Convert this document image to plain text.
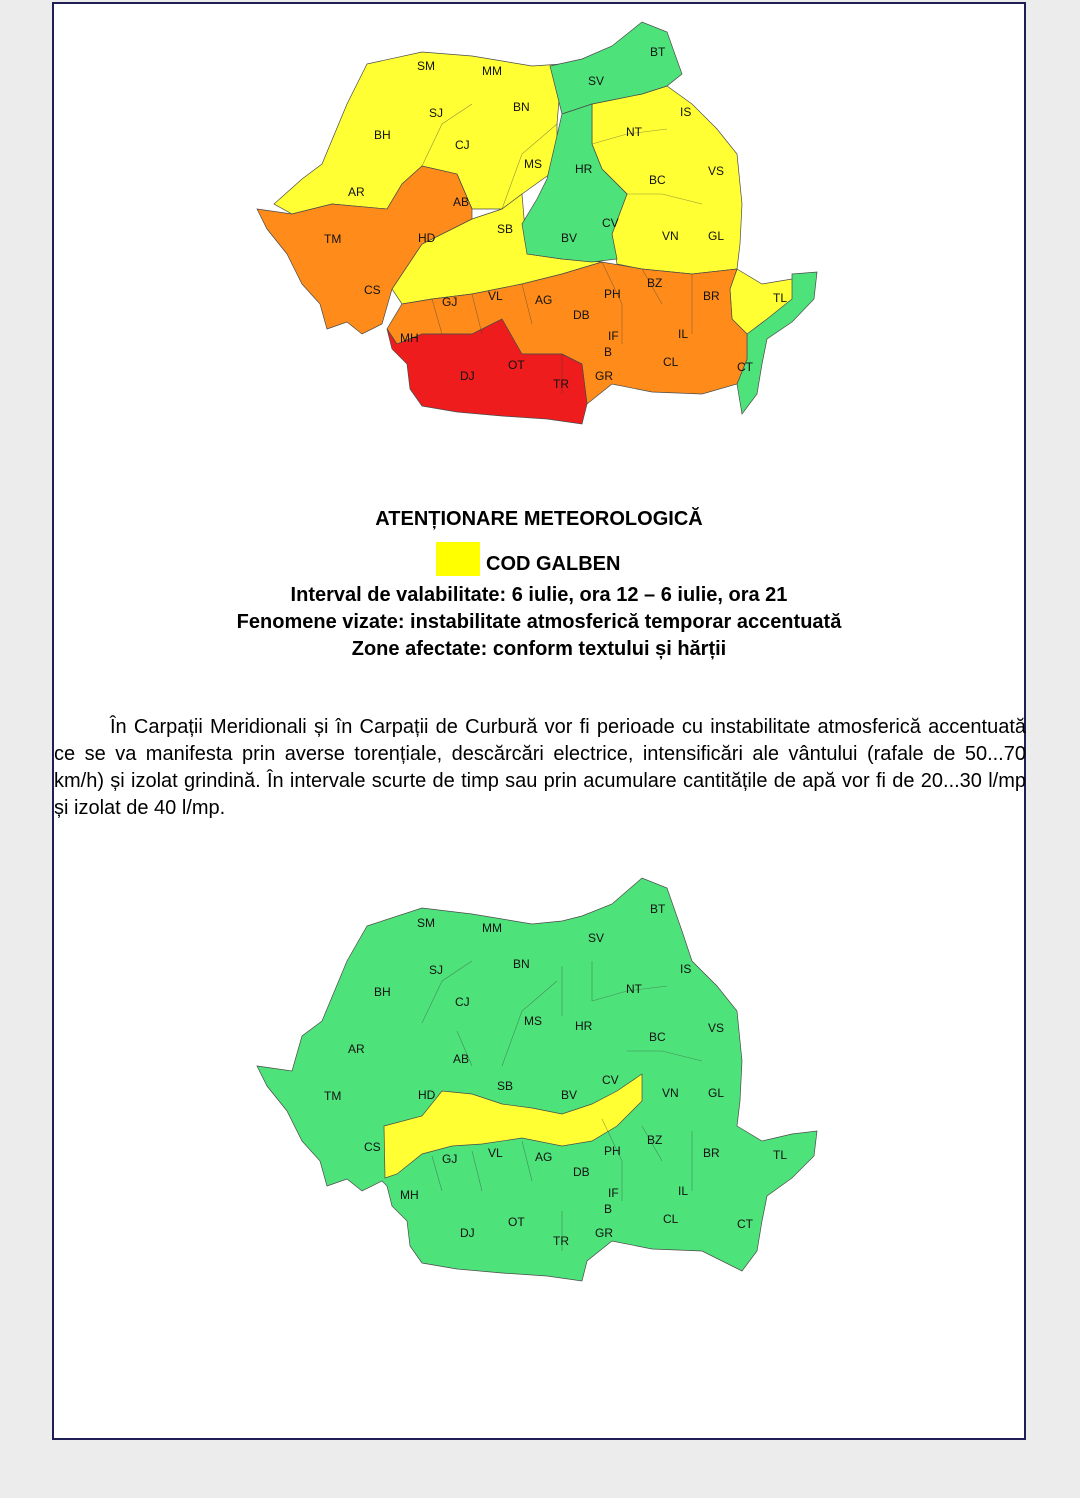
SM	MM
BT
SV
SJ	BN	IS
BH
CJ
NT
MS	HR	VS
BC
AR
AB
SB	CV
TM	HD	BV	VN GL
BZ
CS
GJ	VL	AG	PH	BR	TL
DB
IF
B
IL
MH
OT	CL	CT
DJ
TR
GR
ATENȚIONARE METEOROLOGICĂ
COD GALBEN
Interval de valabilitate: 6 iulie, ora 12 – 6 iulie, ora 21
Fenomene vizate: instabilitate atmosferică temporar accentuată
Zone afectate: conform textului și hărții
În Carpații Meridionali și în Carpații de Curbură vor fi perioade cu instabilitate atmosferică accentuată ce se va manifesta prin averse torențiale, descărcări electrice, intensificări ale vântului (rafale de 50...70 km/h) și izolat grindină. În intervale scurte de timp sau prin acumulare cantitățile de apă vor fi de 20...30 l/mp și izolat de 40 l/mp.
SM	MM
BT
SV
SJ	BN	IS
BH
CJ
NT
MS	HR	VS
BC
AR
AB
SB	CV
TM	HD	BV	VN GL
BZ
CS
GJ	VL	AG	PH	BR	TL
DB
IF
B
IL
MH
OT	CL	CT
DJ
TR
GR
